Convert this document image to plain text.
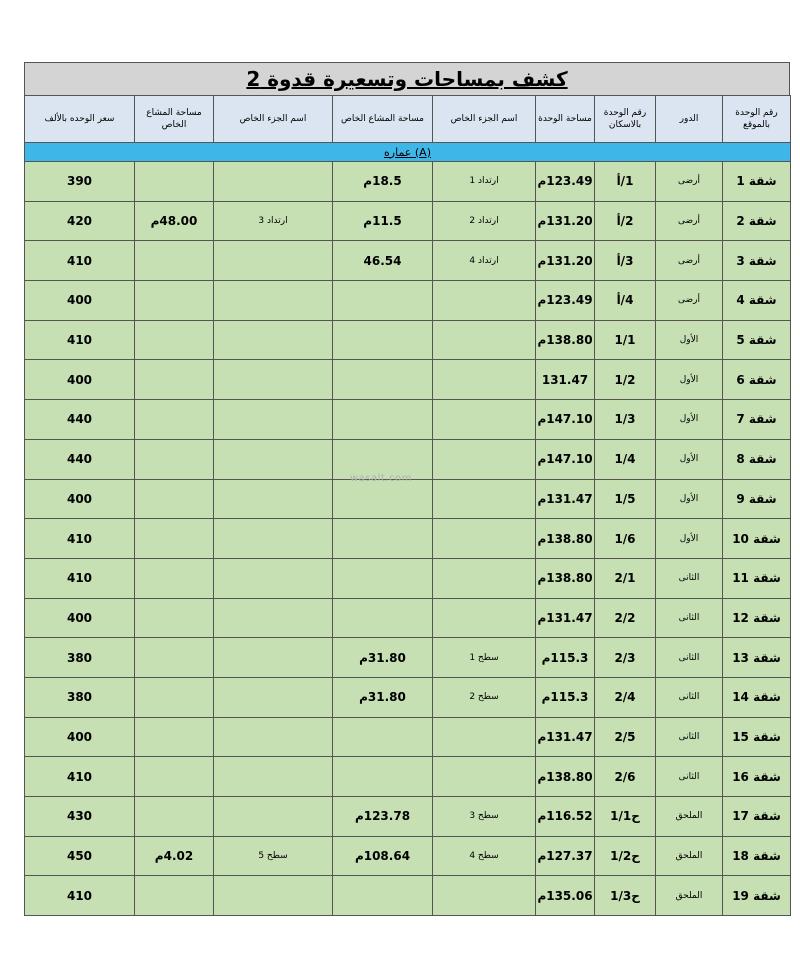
كشف بمساحات وتسعيرة قدوة 2
سعر الوحده بالألف	مساحة المشاع الخاص	اسم الجزء الخاص	مساحة المشاع الخاص	اسم الجزء الخاص	مساحة الوحدة	رقم الوحدة بالاسكان	الدور	رقم الوحدة بالموقع
عماره (A)								
390			18.5م	ارتداد 1	123.49م	1/أ	أرضى	شقة 1
420	48.00م	ارتداد 3	11.5م	ارتداد 2	131.20م	2/أ	أرضى	شقة 2
410			46.54	ارتداد 4	131.20م	3/أ	أرضى	شقة 3
400					123.49م	4/أ	أرضى	شقة 4
410					138.80م	1/1	الأول	شقة 5
400					131.47	1/2	الأول	شقة 6
440					147.10م	1/3	الأول	شقة 7
440					147.10م	1/4	الأول	شقة 8
400					131.47م	1/5	الأول	شقة 9
410					138.80م	1/6	الأول	شقة 10
410					138.80م	2/1	الثانى	شقة 11
400					131.47م	2/2	الثانى	شقة 12
380			31.80م	سطح 1	115.3م	2/3	الثانى	شقة 13
380			31.80م	سطح 2	115.3م	2/4	الثانى	شقة 14
400					131.47م	2/5	الثانى	شقة 15
410					138.80م	2/6	الثانى	شقة 16
430			123.78م	سطح 3	116.52م	ح1/1	الملحق	شقة 17
450	4.02م	سطح 5	108.64م	سطح 4	127.37م	ح1/2	الملحق	شقة 18
410					135.06م	ح1/3	الملحق	شقة 19
wasalt.com
